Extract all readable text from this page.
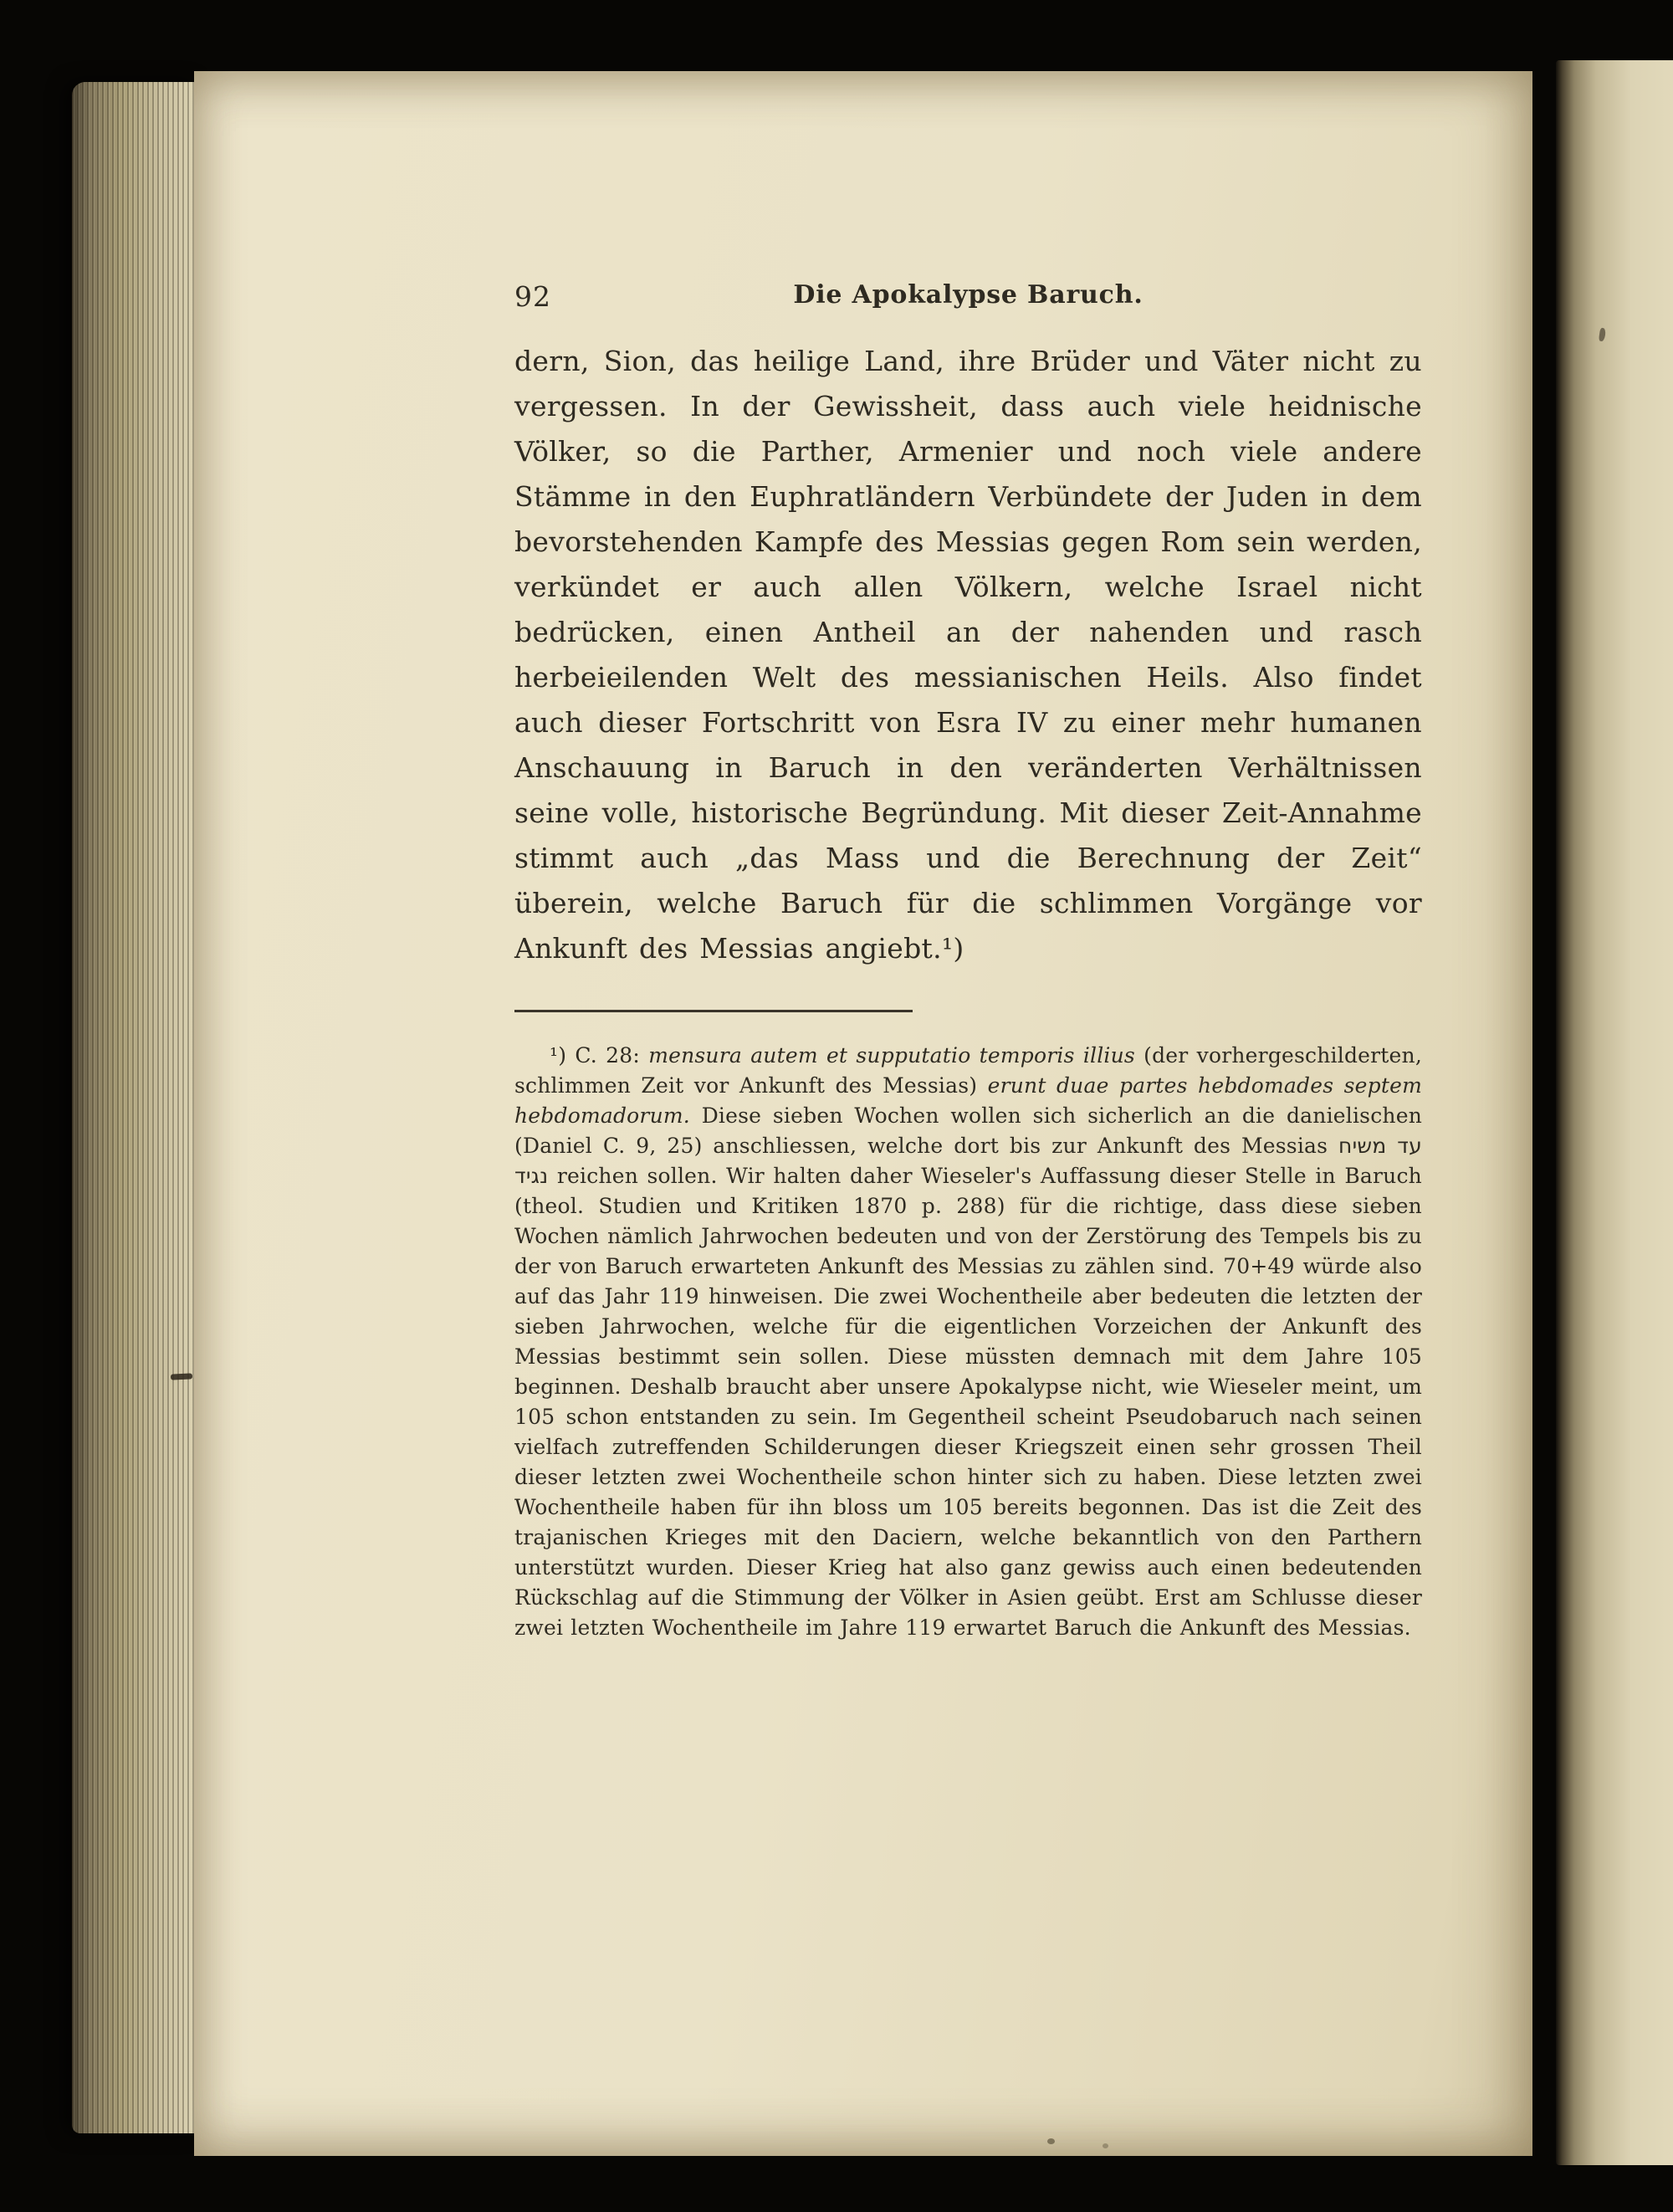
92	Die Apokalypse Baruch.
dern, Sion, das heilige Land, ihre Brüder und Väter nicht zu vergessen. In der Gewissheit, dass auch viele heidnische Völker, so die Parther, Armenier und noch viele andere Stämme in den Euphratländern Verbündete der Juden in dem bevorstehenden Kampfe des Messias gegen Rom sein werden, verkündet er auch allen Völkern, welche Israel nicht bedrücken, einen Antheil an der nahenden und rasch herbeieilenden Welt des messianischen Heils. Also findet auch dieser Fortschritt von Esra IV zu einer mehr humanen Anschauung in Baruch in den veränderten Verhältnissen seine volle, historische Begründung. Mit dieser Zeit-Annahme stimmt auch „das Mass und die Berechnung der Zeit“ überein, welche Baruch für die schlimmen Vorgänge vor Ankunft des Messias angiebt.¹)
¹) C. 28: mensura autem et supputatio temporis illius (der vorhergeschilderten, schlimmen Zeit vor Ankunft des Messias) erunt duae partes hebdomades septem hebdomadorum. Diese sieben Wochen wollen sich sicherlich an die danielischen (Daniel C. 9, 25) anschliessen, welche dort bis zur Ankunft des Messias עד משיח נגיד reichen sollen. Wir halten daher Wieseler's Auffassung dieser Stelle in Baruch (theol. Studien und Kritiken 1870 p. 288) für die richtige, dass diese sieben Wochen nämlich Jahrwochen bedeuten und von der Zerstörung des Tempels bis zu der von Baruch erwarteten Ankunft des Messias zu zählen sind. 70+49 würde also auf das Jahr 119 hinweisen. Die zwei Wochentheile aber bedeuten die letzten der sieben Jahrwochen, welche für die eigentlichen Vorzeichen der Ankunft des Messias bestimmt sein sollen. Diese müssten demnach mit dem Jahre 105 beginnen. Deshalb braucht aber unsere Apokalypse nicht, wie Wieseler meint, um 105 schon entstanden zu sein. Im Gegentheil scheint Pseudobaruch nach seinen vielfach zutreffenden Schilderungen dieser Kriegszeit einen sehr grossen Theil dieser letzten zwei Wochentheile schon hinter sich zu haben. Diese letzten zwei Wochentheile haben für ihn bloss um 105 bereits begonnen. Das ist die Zeit des trajanischen Krieges mit den Daciern, welche bekanntlich von den Parthern unterstützt wurden. Dieser Krieg hat also ganz gewiss auch einen bedeutenden Rückschlag auf die Stimmung der Völker in Asien geübt. Erst am Schlusse dieser zwei letzten Wochentheile im Jahre 119 erwartet Baruch die Ankunft des Messias.
